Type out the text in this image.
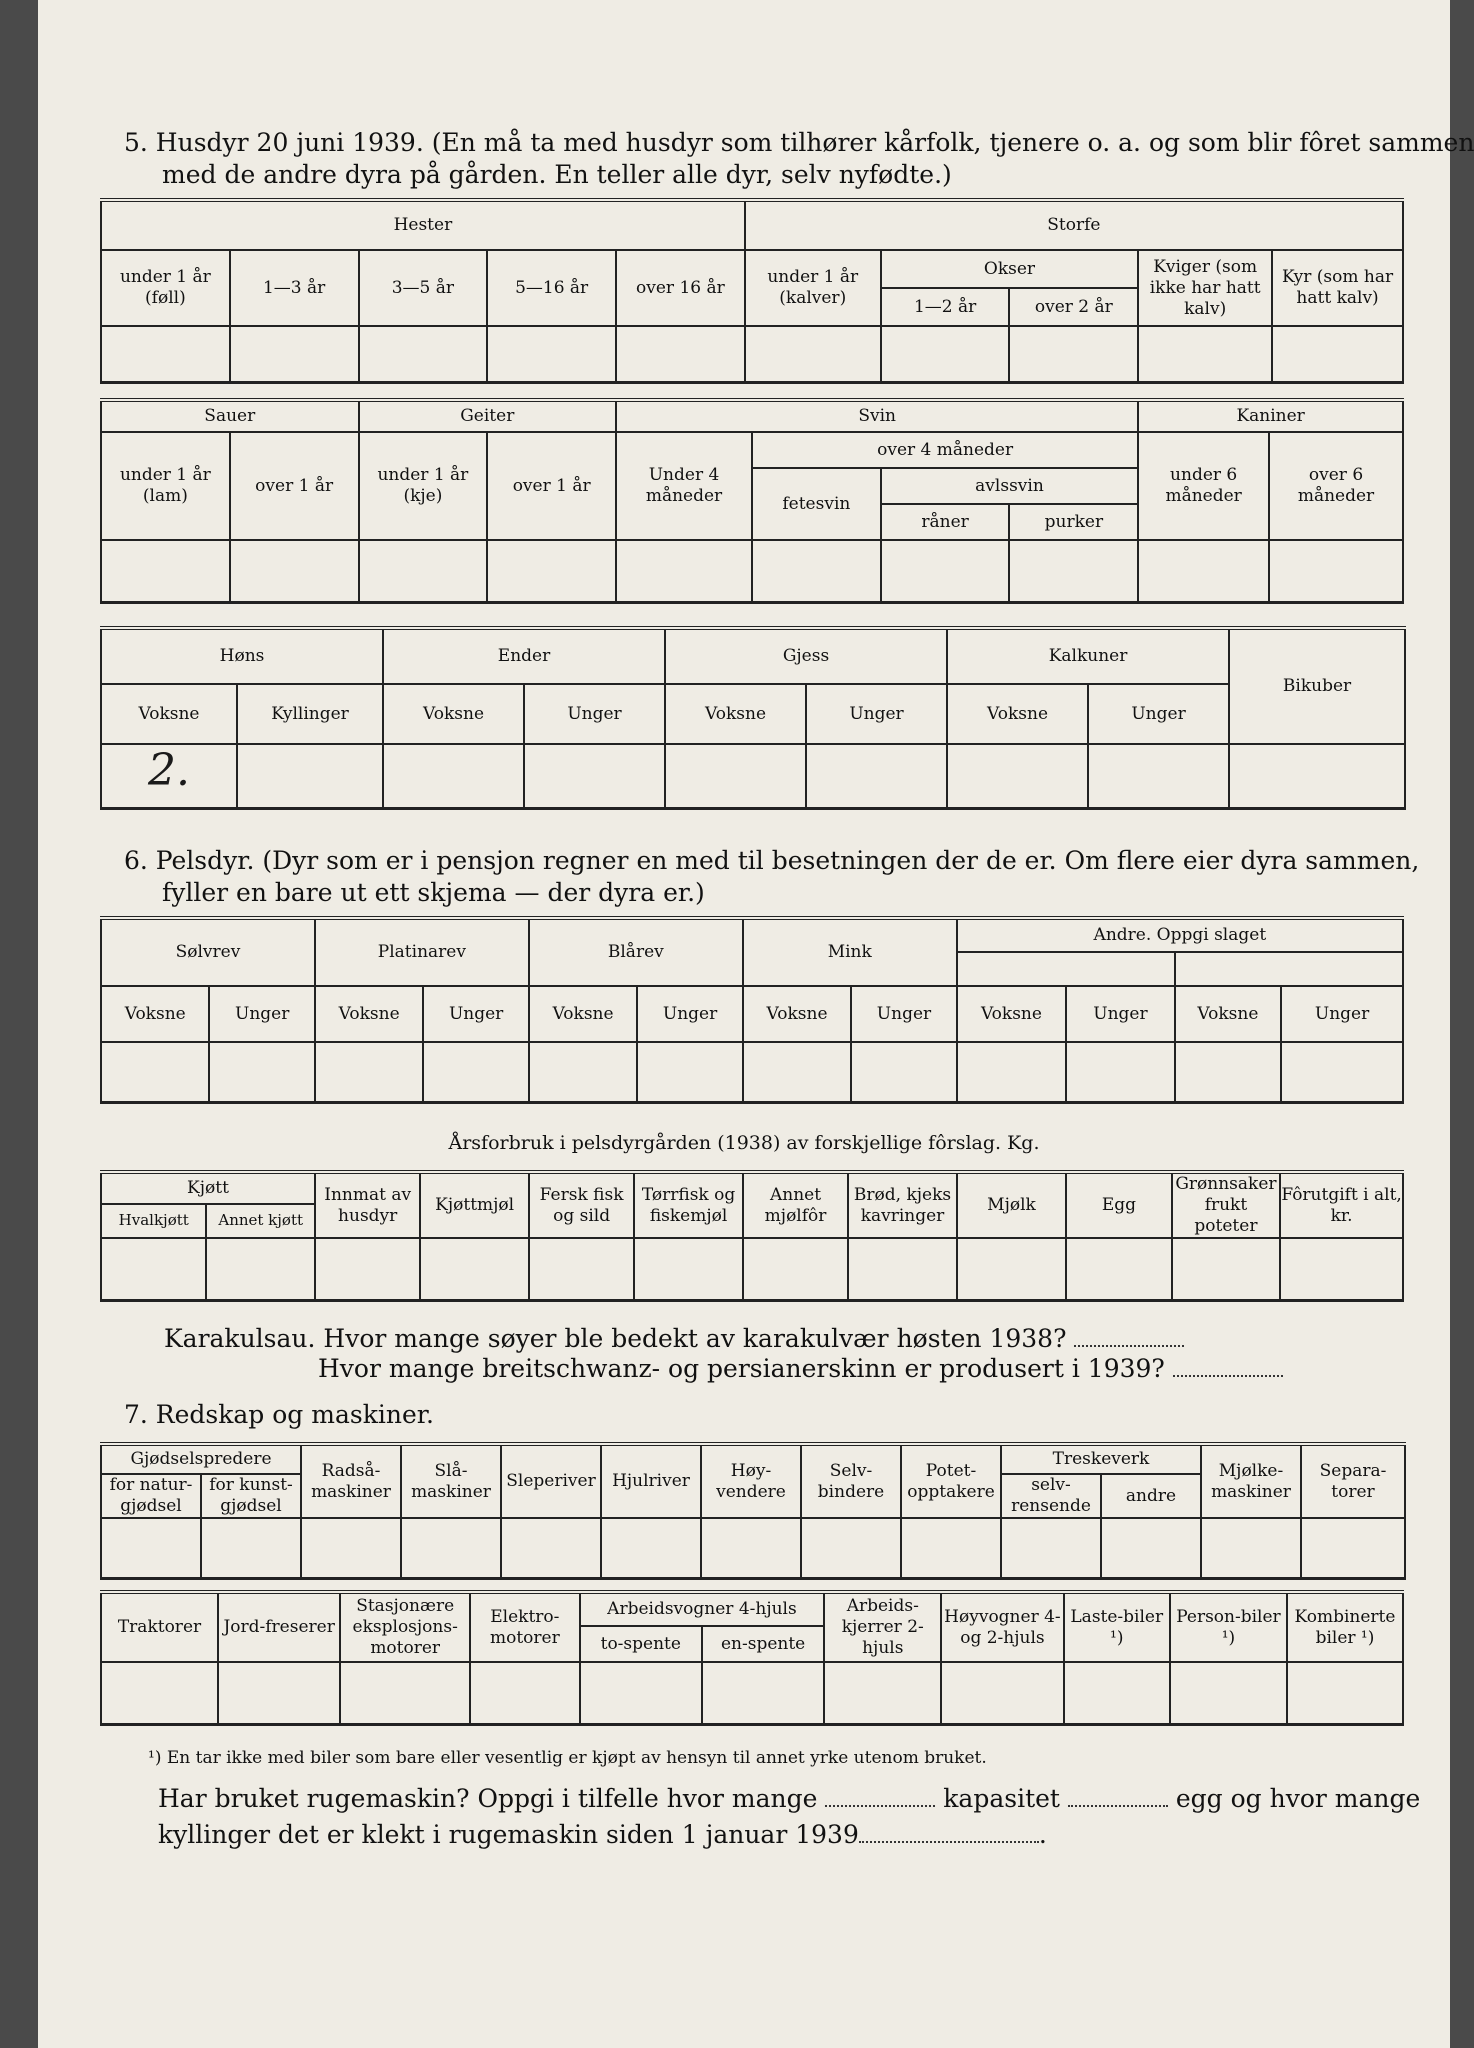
5. Husdyr 20 juni 1939. (En må ta med husdyr som tilhører kårfolk, tjenere o. a. og som blir fôret sammen
med de andre dyra på gården. En teller alle dyr, selv nyfødte.)
Hester					Storfe				
under 1 år (føll)	1—3 år	3—5 år	5—16 år	over 16 år	under 1 år (kalver)	Okser		Kviger (som ikke har hatt kalv)	Kyr (som har hatt kalv)
						1—2 år	over 2 år		

Sauer		Geiter		Svin				Kaniner	
under 1 år (lam)	over 1 år	under 1 år (kje)	over 1 år	Under 4 måneder	over 4 måneder			under 6 måneder	over 6 måneder
					fetesvin	avlssvin			
						råner	purker		

Høns		Ender		Gjess		Kalkuner		Bikuber
Voksne	Kyllinger	Voksne	Unger	Voksne	Unger	Voksne	Unger	
2.								
6. Pelsdyr. (Dyr som er i pensjon regner en med til besetningen der de er. Om flere eier dyra sammen,
fyller en bare ut ett skjema — der dyra er.)
Sølvrev		Platinarev		Blårev		Mink		Andre. Oppgi slaget			

Voksne	Unger	Voksne	Unger	Voksne	Unger	Voksne	Unger	Voksne	Unger	Voksne	Unger

Årsforbruk i pelsdyrgården (1938) av forskjellige fôrslag. Kg.
Kjøtt		Innmat av husdyr	Kjøttmjøl	Fersk fisk og sild	Tørrfisk og fiskemjøl	Annet mjølfôr	Brød, kjeks kavringer	Mjølk	Egg	Grønnsaker frukt poteter	Fôrutgift i alt, kr.
Hvalkjøtt	Annet kjøtt										

Karakulsau. Hvor mange søyer ble bedekt av karakulvær høsten 1938?
Hvor mange breitschwanz- og persianerskinn er produsert i 1939?
7. Redskap og maskiner.
Gjødselspredere		Radså-maskiner	Slå-maskiner	Sleperiver	Hjulriver	Høy-vendere	Selv-bindere	Potet-opptakere	Treskeverk		Mjølke-maskiner	Separa-torer
for natur-gjødsel	for kunst-gjødsel								selv-rensende	andre		

Traktorer	Jord-freserer	Stasjonære eksplosjons-motorer	Elektro-motorer	Arbeidsvogner 4-hjuls		Arbeids-kjerrer 2-hjuls	Høyvogner 4- og 2-hjuls	Laste-biler ¹)	Person-biler ¹)	Kombinerte biler ¹)
				to-spente	en-spente					

¹) En tar ikke med biler som bare eller vesentlig er kjøpt av hensyn til annet yrke utenom bruket.
Har bruket rugemaskin? Oppgi i tilfelle hvor mange	kapasitet	egg og hvor mange
kyllinger det er klekt i rugemaskin siden 1 januar 1939	.
